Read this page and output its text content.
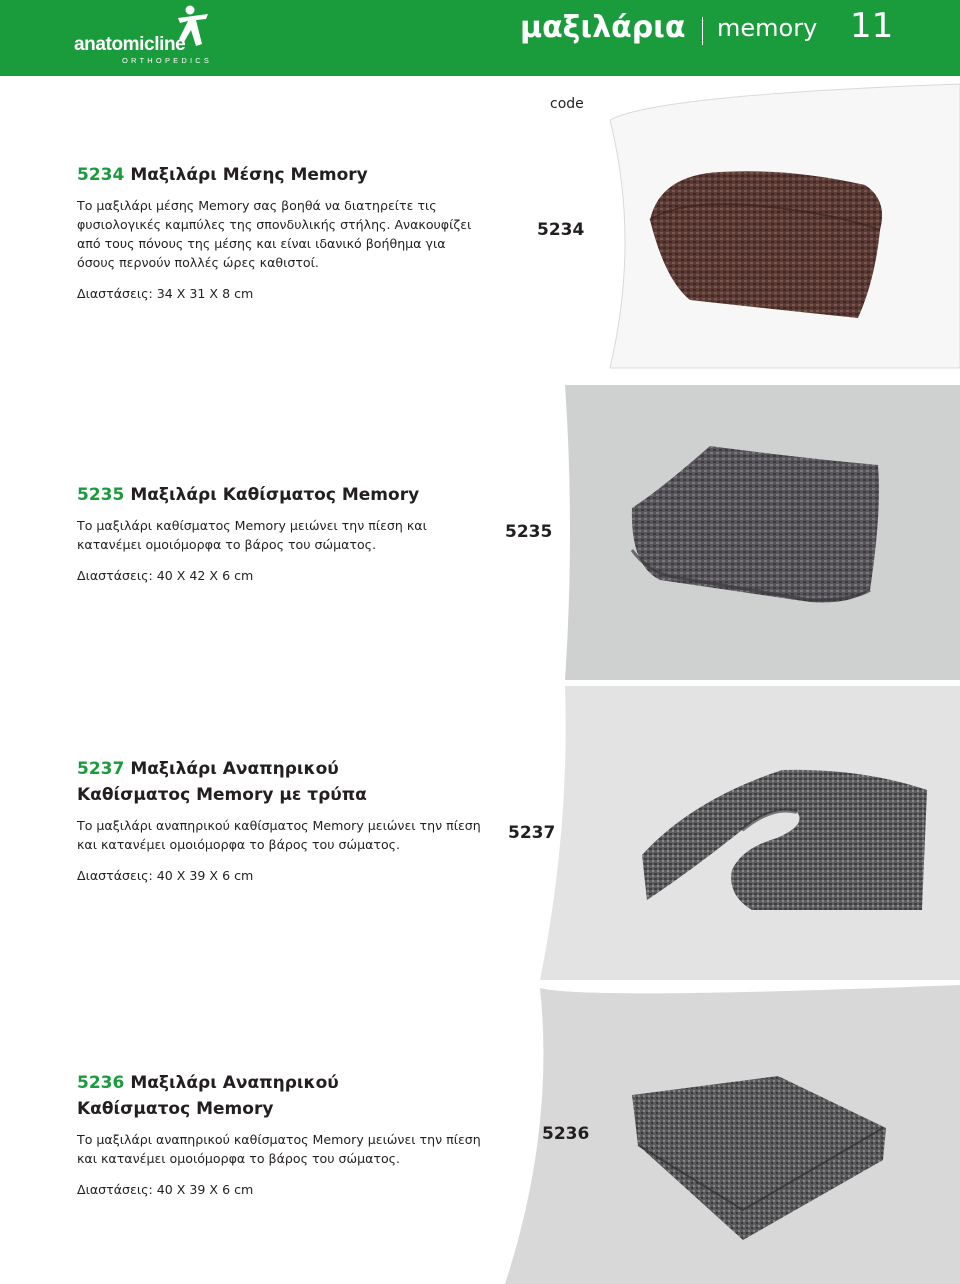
anatomicline
ORTHOPEDICS
μαξιλάρια memory 11
code
5234 Μαξιλάρι Μέσης Memory
Το μαξιλάρι μέσης Memory σας βοηθά να διατηρείτε τις φυσιολογικές καμπύλες της σπονδυλικής στήλης. Ανακουφίζει από τους πόνους της μέσης και είναι ιδανικό βοήθημα για όσους περνούν πολλές ώρες καθιστοί.
Διαστάσεις: 34 X 31 X 8 cm
5234
5235 Μαξιλάρι Καθίσματος Memory
Το μαξιλάρι καθίσματος Memory μειώνει την πίεση και κατανέμει ομοιόμορφα το βάρος του σώματος.
Διαστάσεις: 40 X 42 X 6 cm
5235
5237 Μαξιλάρι Αναπηρικού Καθίσματος Memory με τρύπα
Το μαξιλάρι αναπηρικού καθίσματος Memory μειώνει την πίεση και κατανέμει ομοιόμορφα το βάρος του σώματος.
Διαστάσεις: 40 X 39 X 6 cm
5237
5236 Μαξιλάρι Αναπηρικού Καθίσματος Memory
Το μαξιλάρι αναπηρικού καθίσματος Memory μειώνει την πίεση και κατανέμει ομοιόμορφα το βάρος του σώματος.
Διαστάσεις: 40 X 39 X 6 cm
5236
